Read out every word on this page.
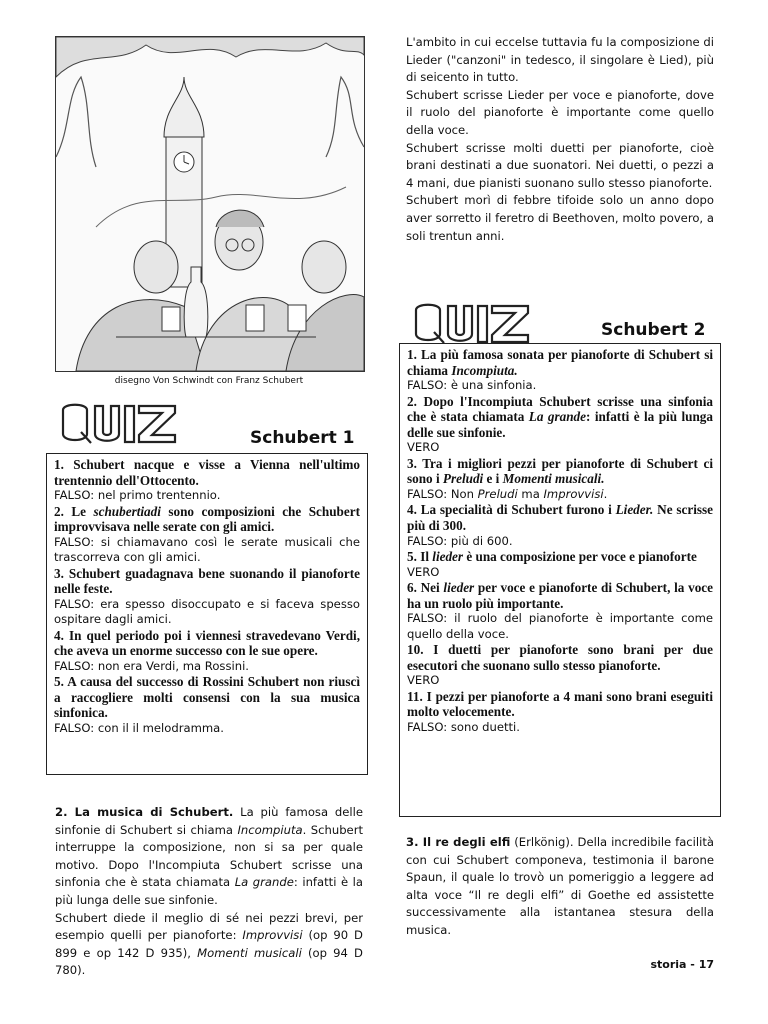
disegno Von Schwindt con Franz Schubert

L'ambito in cui eccelse tuttavia fu la composizione di Lieder ("canzoni" in tedesco, il singolare è Lied), più di seicento in tutto.

Schubert scrisse Lieder per voce e pianoforte, dove il ruolo del pianoforte è importante come quello della voce.

Schubert scrisse molti duetti per pianoforte, cioè brani destinati a due suonatori. Nei duetti, o pezzi a 4 mani, due pianisti suonano sullo stesso pianoforte.

Schubert morì di febbre tifoide solo un anno dopo aver sorretto il feretro di Beethoven, molto povero, a soli trentun anni.

QUIZ
Schubert 1
1. Schubert nacque e visse a Vienna nell'ultimo trentennio dell'Ottocento.
FALSO: nel primo trentennio.
2. Le schubertiadi sono composizioni che Schubert improvvisava nelle serate con gli amici.
FALSO: si chiamavano così le serate musicali che trascorreva con gli amici.
3. Schubert guadagnava bene suonando il pianoforte nelle feste.
FALSO: era spesso disoccupato e si faceva spesso ospitare dagli amici.
4. In quel periodo poi i viennesi stravedevano Verdi, che aveva un enorme successo con le sue opere.
FALSO: non era Verdi, ma Rossini.
5. A causa del successo di Rossini Schubert non riuscì a raccogliere molti consensi con la sua musica sinfonica.
FALSO: con il il melodramma.
QUIZ
Schubert 2
1. La più famosa sonata per pianoforte di Schubert si chiama Incompiuta.
FALSO: è una sinfonia.
2. Dopo l'Incompiuta Schubert scrisse una sinfonia che è stata chiamata La grande: infatti è la più lunga delle sue sinfonie.
VERO
3. Tra i migliori pezzi per pianoforte di Schubert ci sono i Preludi e i Momenti musicali.
FALSO: Non Preludi ma Improvvisi.
4. La specialità di Schubert furono i Lieder. Ne scrisse più di 300.
FALSO: più di 600.
5. Il lieder è una composizione per voce e pianoforte
VERO
6. Nei lieder per voce e pianoforte di Schubert, la voce ha un ruolo più importante.
FALSO: il ruolo del pianoforte è importante come quello della voce.
10. I duetti per pianoforte sono brani per due esecutori che suonano sullo stesso pianoforte.
VERO
11. I pezzi per pianoforte a 4 mani sono brani eseguiti molto velocemente.
FALSO: sono duetti.

2. La musica di Schubert. La più famosa delle sinfonie di Schubert si chiama Incompiuta. Schubert interruppe la composizione, non si sa per quale motivo. Dopo l'Incompiuta Schubert scrisse una sinfonia che è stata chiamata La grande: infatti è la più lunga delle sue sinfonie.

Schubert diede il meglio di sé nei pezzi brevi, per esempio quelli per pianoforte: Improvvisi (op 90 D 899 e op 142 D 935), Momenti musicali (op 94 D 780).

3. Il re degli elfi (Erlkönig). Della incredibile facilità con cui Schubert componeva, testimonia il barone Spaun, il quale lo trovò un pomeriggio a leggere ad alta voce “Il re degli elfi” di Goethe ed assistette successivamente alla istantanea stesura della musica.

storia - 17
